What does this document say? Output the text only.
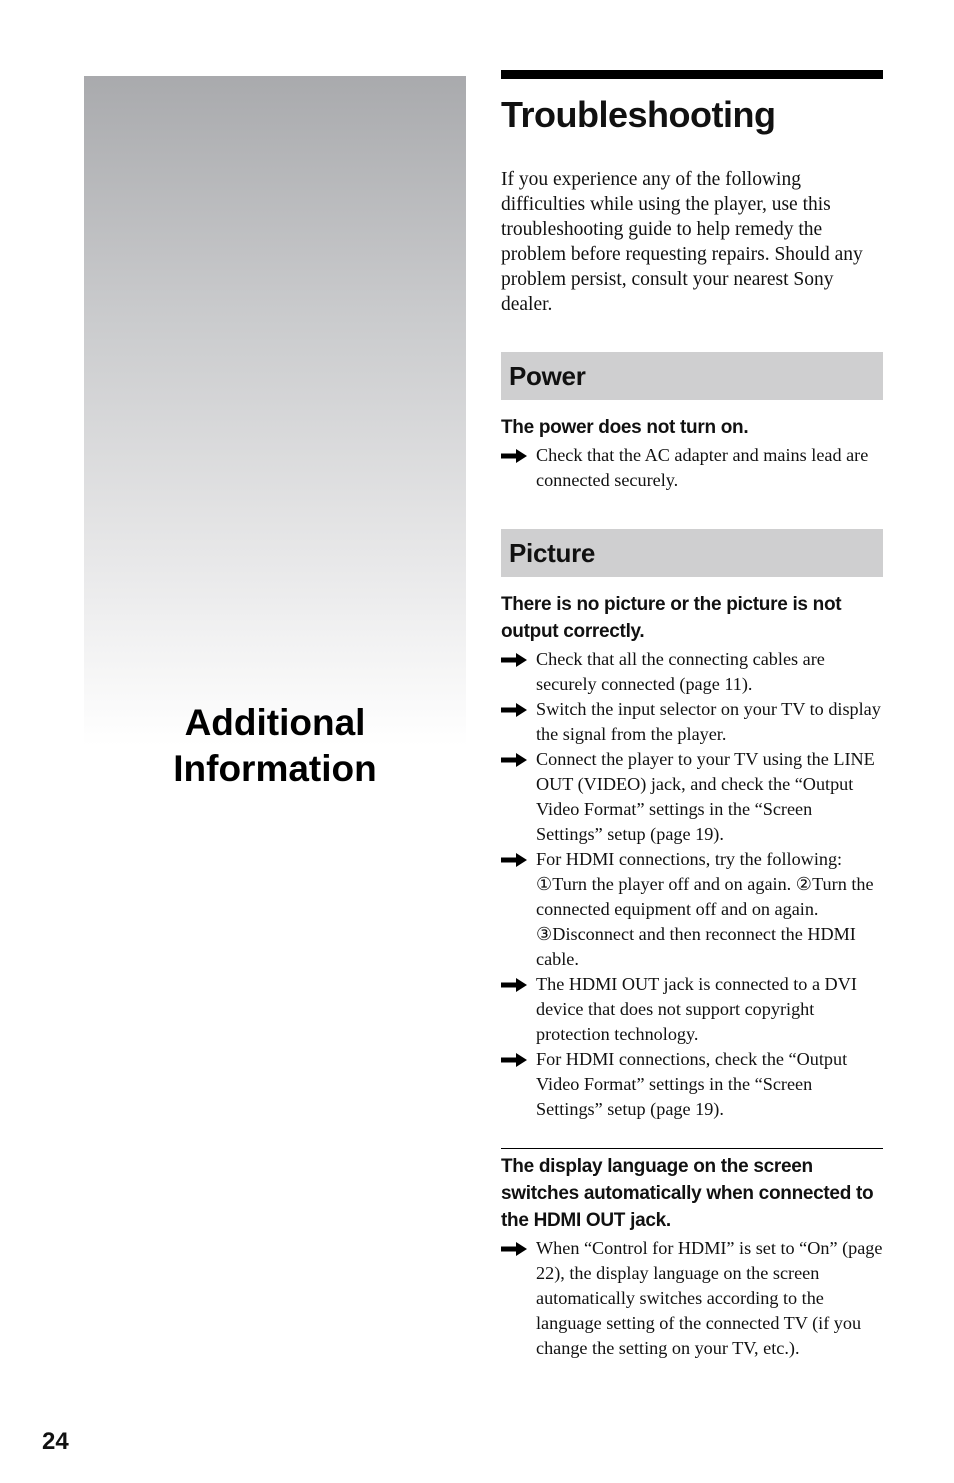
Additional
Information
Troubleshooting

If you experience any of the following difficulties while using the player, use this troubleshooting guide to help remedy the problem before requesting repairs. Should any problem persist, consult your nearest Sony dealer.

Power
The power does not turn on.
Check that the AC adapter and mains lead are connected securely.
Picture
There is no picture or the picture is not output correctly.
Check that all the connecting cables are securely connected (page 11).
Switch the input selector on your TV to display the signal from the player.
Connect the player to your TV using the LINE OUT (VIDEO) jack, and check the “Output Video Format” settings in the “Screen Settings” setup (page 19).
For HDMI connections, try the following: ①Turn the player off and on again. ②Turn the connected equipment off and on again. ③Disconnect and then reconnect the HDMI cable.
The HDMI OUT jack is connected to a DVI device that does not support copyright protection technology.
For HDMI connections, check the “Output Video Format” settings in the “Screen Settings” setup (page 19).
The display language on the screen switches automatically when connected to the HDMI OUT jack.
When “Control for HDMI” is set to “On” (page 22), the display language on the screen automatically switches according to the language setting of the connected TV (if you change the setting on your TV, etc.).
24
